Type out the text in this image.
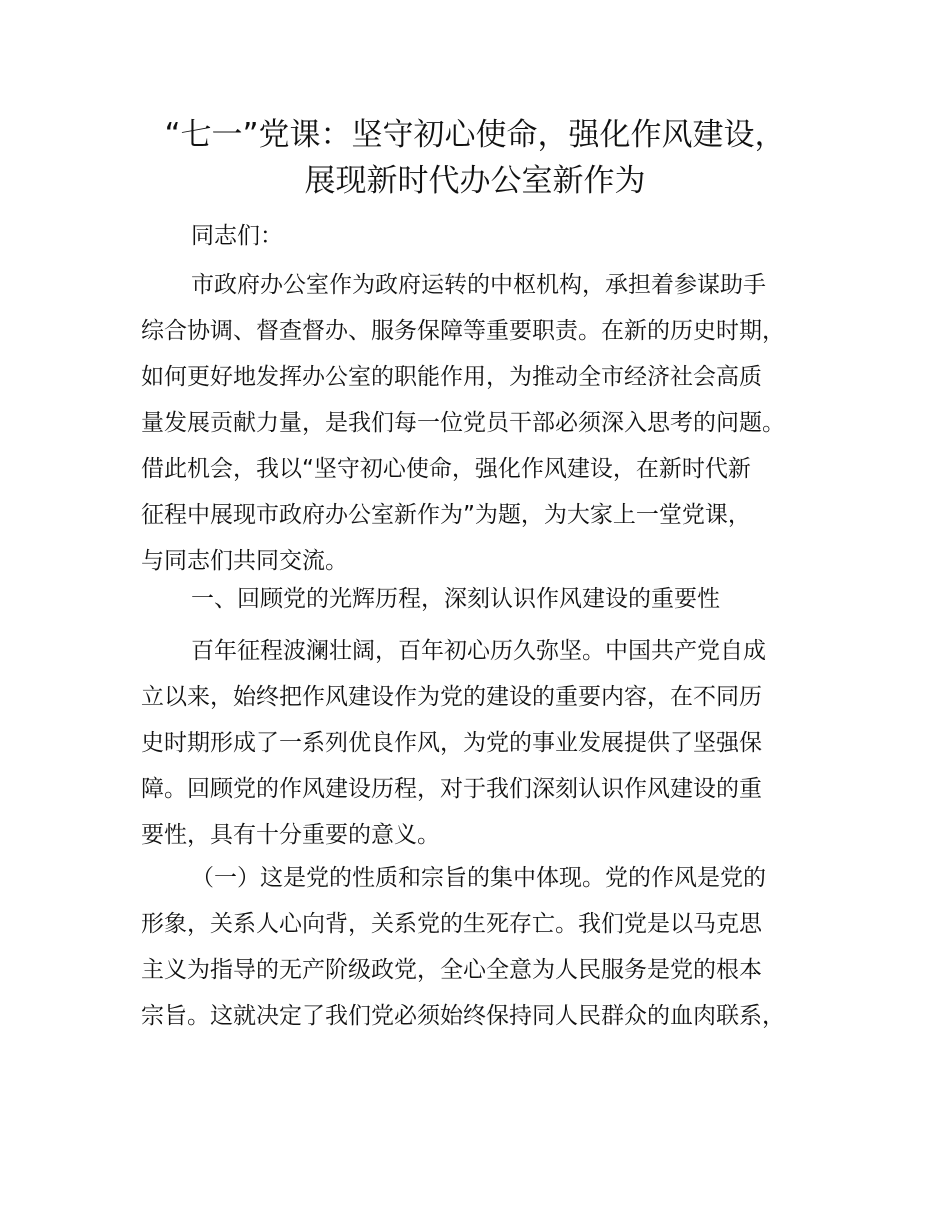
“七一”党课：坚守初心使命，强化作风建设，
展现新时代办公室新作为
同志们：
市政府办公室作为政府运转的中枢机构，承担着参谋助手
综合协调、督查督办、服务保障等重要职责。在新的历史时期，
如何更好地发挥办公室的职能作用，为推动全市经济社会高质
量发展贡献力量，是我们每一位党员干部必须深入思考的问题。
借此机会，我以“坚守初心使命，强化作风建设，在新时代新
征程中展现市政府办公室新作为”为题，为大家上一堂党课，
与同志们共同交流。
一、回顾党的光辉历程，深刻认识作风建设的重要性
百年征程波澜壮阔，百年初心历久弥坚。中国共产党自成
立以来，始终把作风建设作为党的建设的重要内容，在不同历
史时期形成了一系列优良作风，为党的事业发展提供了坚强保
障。回顾党的作风建设历程，对于我们深刻认识作风建设的重
要性，具有十分重要的意义。
（一）这是党的性质和宗旨的集中体现。党的作风是党的
形象，关系人心向背，关系党的生死存亡。我们党是以马克思
主义为指导的无产阶级政党，全心全意为人民服务是党的根本
宗旨。这就决定了我们党必须始终保持同人民群众的血肉联系，
